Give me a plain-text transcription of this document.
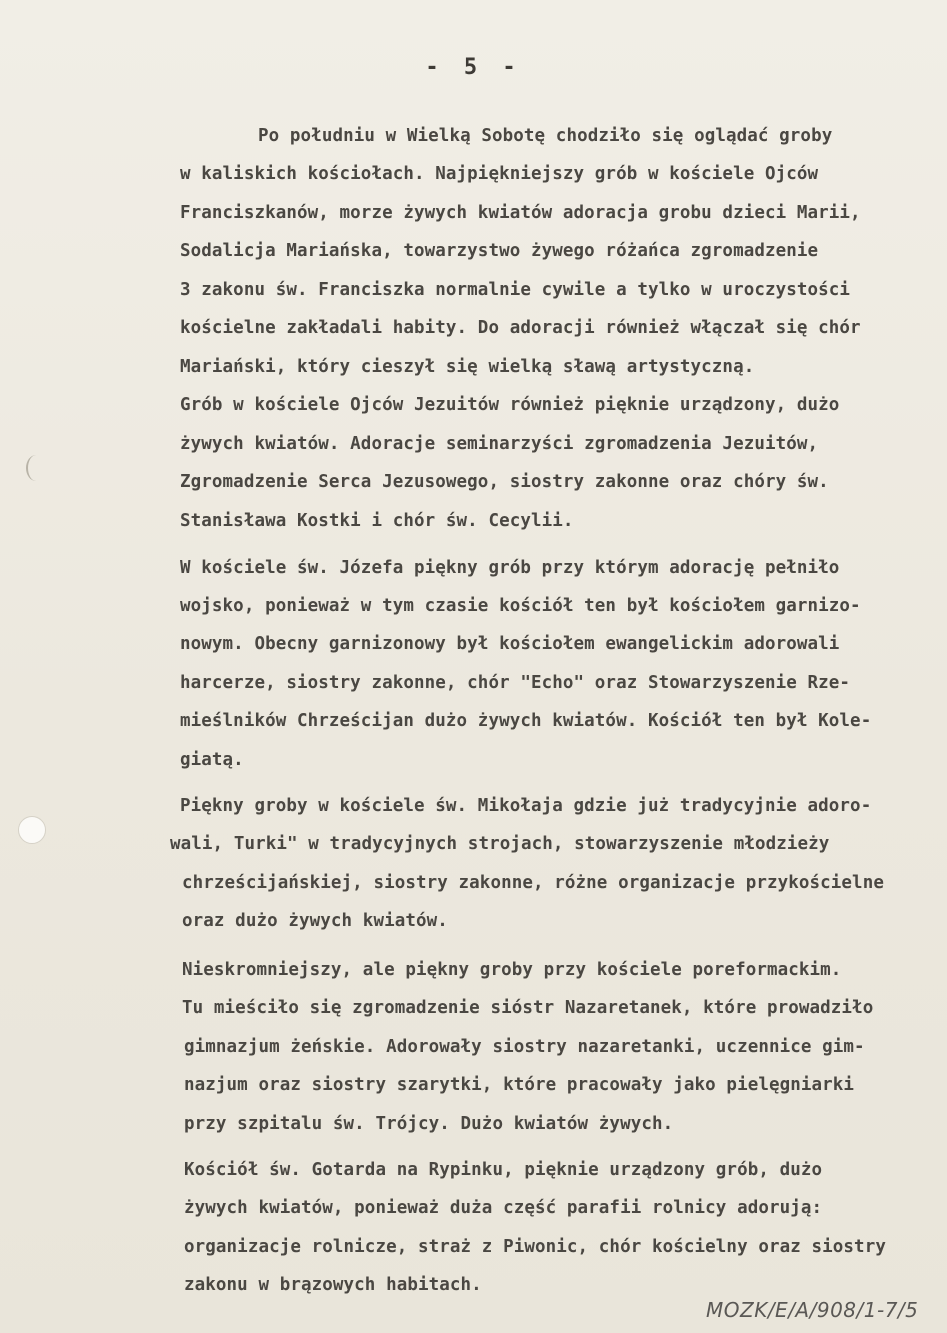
- 5 -
Po południu w Wielką Sobotę chodziło się oglądać groby
w kaliskich kościołach. Najpiękniejszy grób w kościele Ojców
Franciszkanów, morze żywych kwiatów adoracja grobu dzieci Marii,
Sodalicja Mariańska, towarzystwo żywego różańca zgromadzenie
3 zakonu św. Franciszka normalnie cywile a tylko w uroczystości
kościelne zakładali habity. Do adoracji również włączał się chór
Mariański, który cieszył się wielką sławą artystyczną.
Grób w kościele Ojców Jezuitów również pięknie urządzony, dużo
żywych kwiatów. Adoracje seminarzyści zgromadzenia Jezuitów,
Zgromadzenie Serca Jezusowego, siostry zakonne oraz chóry św.
Stanisława Kostki i chór św. Cecylii.
W kościele św. Józefa piękny grób przy którym adorację pełniło
wojsko, ponieważ w tym czasie kościół ten był kościołem garnizo-
nowym. Obecny garnizonowy był kościołem ewangelickim adorowali
harcerze, siostry zakonne, chór "Echo" oraz Stowarzyszenie Rze-
mieślników Chrześcijan dużo żywych kwiatów. Kościół ten był Kole-
giatą.
Piękny groby w kościele św. Mikołaja gdzie już tradycyjnie adoro-
wali, Turki" w tradycyjnych strojach, stowarzyszenie młodzieży
chrześcijańskiej, siostry zakonne, różne organizacje przykościelne
oraz dużo żywych kwiatów.
Nieskromniejszy, ale piękny groby przy kościele poreformackim.
Tu mieściło się zgromadzenie sióstr Nazaretanek, które prowadziło
gimnazjum żeńskie. Adorowały siostry nazaretanki, uczennice gim-
nazjum oraz siostry szarytki, które pracowały jako pielęgniarki
przy szpitalu św. Trójcy. Dużo kwiatów żywych.
Kościół św. Gotarda na Rypinku, pięknie urządzony grób, dużo
żywych kwiatów, ponieważ duża część parafii rolnicy adorują:
organizacje rolnicze, straż z Piwonic, chór kościelny oraz siostry
zakonu w brązowych habitach.
MOZK/E/A/908/1-7/5
